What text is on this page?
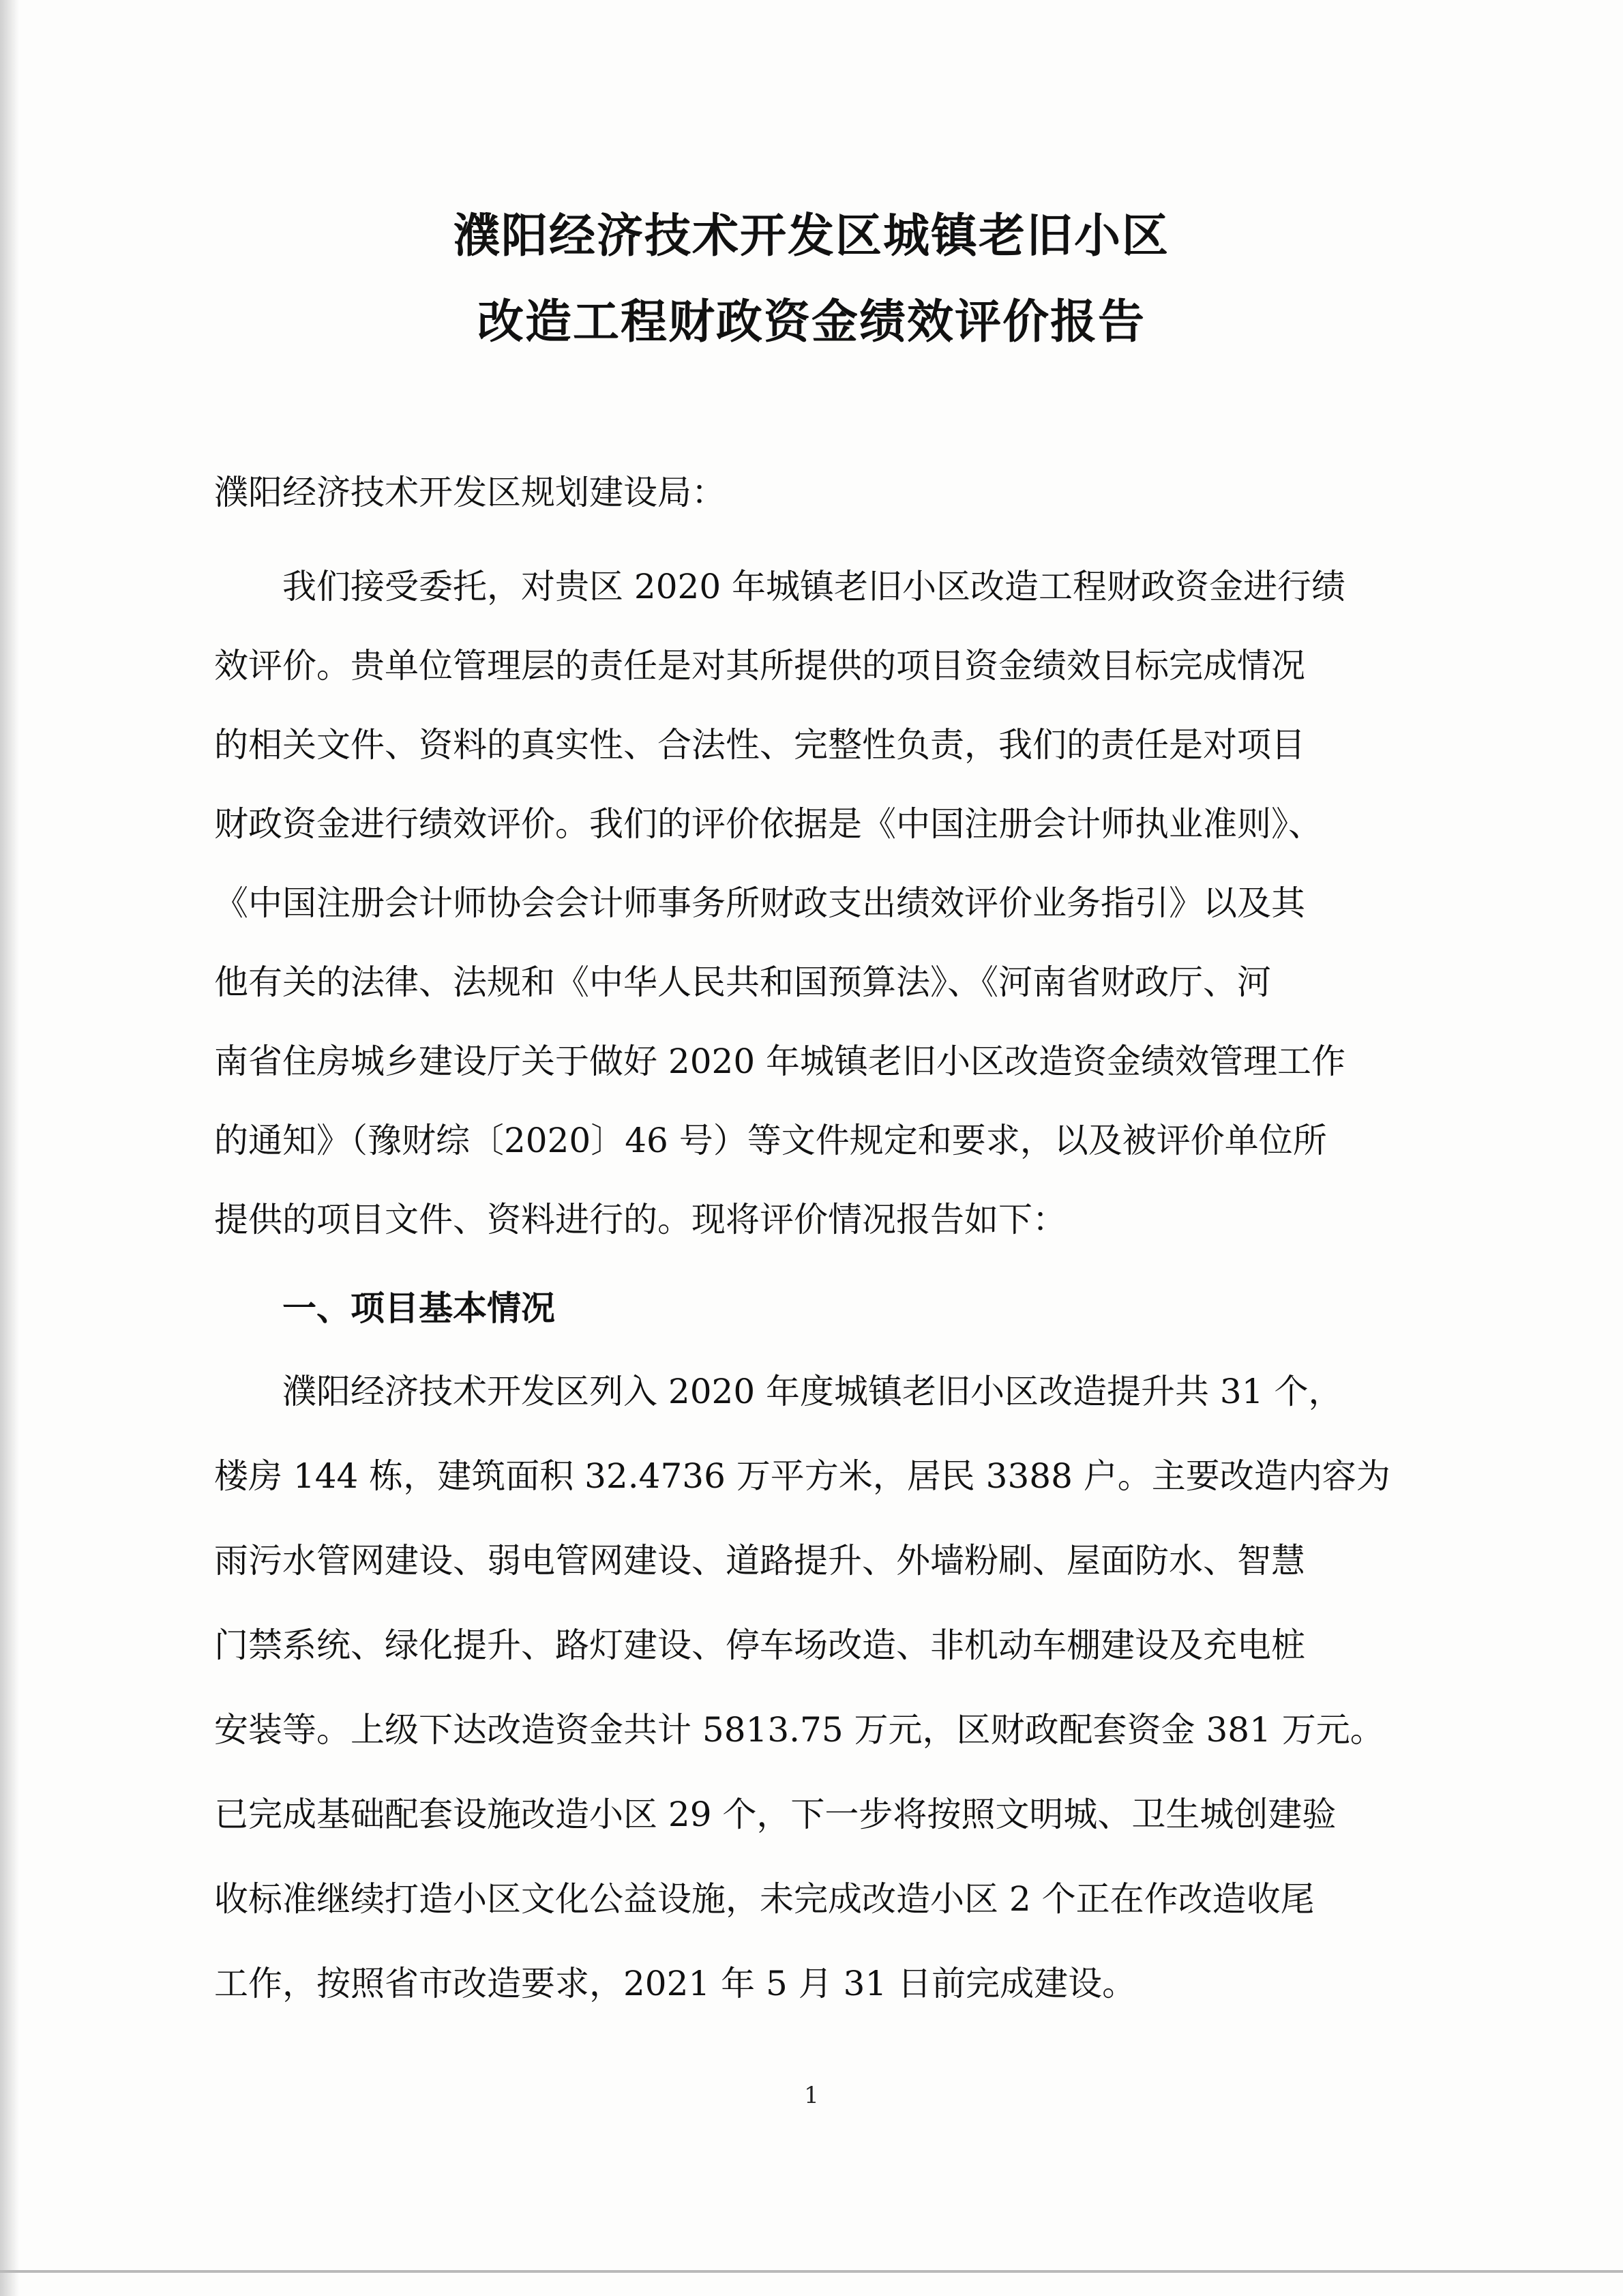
濮阳经济技术开发区城镇老旧小区
改造工程财政资金绩效评价报告

濮阳经济技术开发区规划建设局：

我们接受委托，对贵区 2020 年城镇老旧小区改造工程财政资金进行绩

效评价。贵单位管理层的责任是对其所提供的项目资金绩效目标完成情况

的相关文件、资料的真实性、合法性、完整性负责，我们的责任是对项目

财政资金进行绩效评价。我们的评价依据是《中国注册会计师执业准则》、

《中国注册会计师协会会计师事务所财政支出绩效评价业务指引》以及其

他有关的法律、法规和《中华人民共和国预算法》、《河南省财政厅、河

南省住房城乡建设厅关于做好 2020 年城镇老旧小区改造资金绩效管理工作

的通知》（豫财综〔2020〕46 号）等文件规定和要求，以及被评价单位所

提供的项目文件、资料进行的。现将评价情况报告如下：

一、项目基本情况

濮阳经济技术开发区列入 2020 年度城镇老旧小区改造提升共 31 个，

楼房 144 栋，建筑面积 32.4736 万平方米，居民 3388 户。主要改造内容为

雨污水管网建设、弱电管网建设、道路提升、外墙粉刷、屋面防水、智慧

门禁系统、绿化提升、路灯建设、停车场改造、非机动车棚建设及充电桩

安装等。上级下达改造资金共计 5813.75 万元，区财政配套资金 381 万元。

已完成基础配套设施改造小区 29 个，下一步将按照文明城、卫生城创建验

收标准继续打造小区文化公益设施，未完成改造小区 2 个正在作改造收尾

工作，按照省市改造要求，2021 年 5 月 31 日前完成建设。

1
